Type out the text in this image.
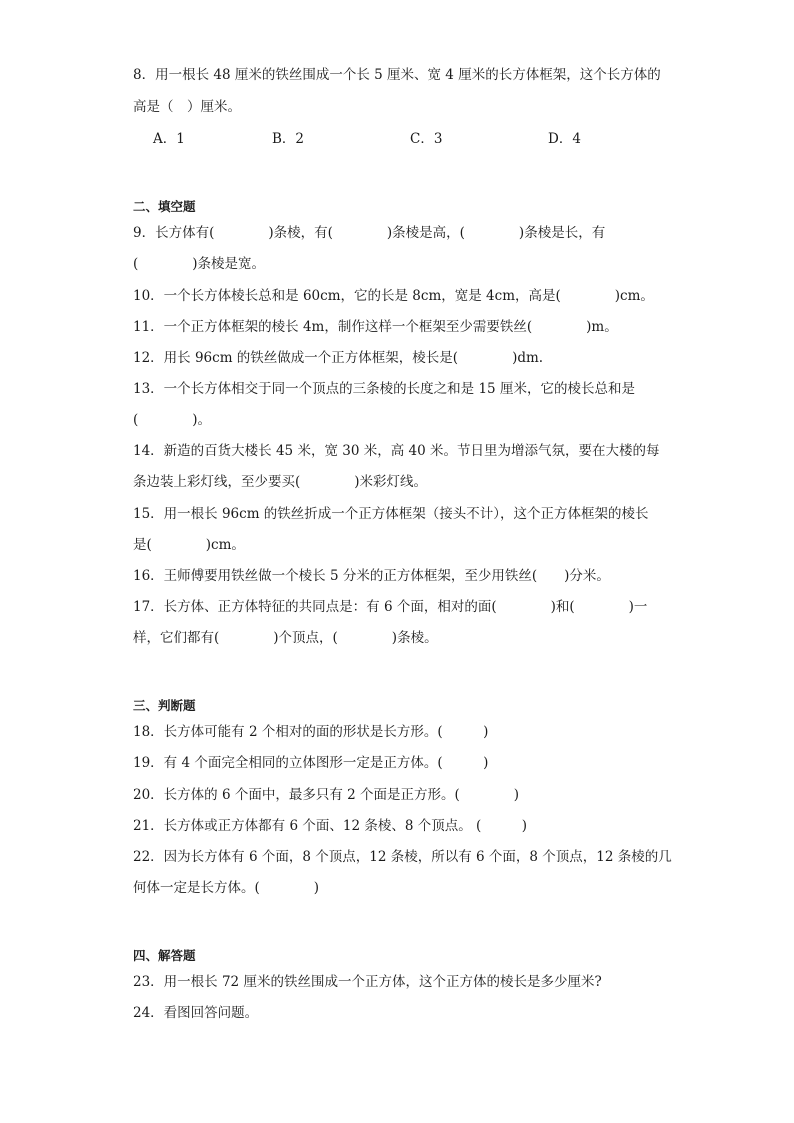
8．用一根长 48 厘米的铁丝围成一个长 5 厘米、宽 4 厘米的长方体框架，这个长方体的
高是（　）厘米。
A．1	B．2	C．3	D．4
二、填空题
9．长方体有(　　　　)条棱，有(　　　　)条棱是高，(　　　　)条棱是长，有
(　　　　)条棱是宽。
10．一个长方体棱长总和是 60cm，它的长是 8cm，宽是 4cm，高是(　　　　)cm。
11．一个正方体框架的棱长 4m，制作这样一个框架至少需要铁丝(　　　　)m。
12．用长 96cm 的铁丝做成一个正方体框架，棱长是(　　　　)dm.
13．一个长方体相交于同一个顶点的三条棱的长度之和是 15 厘米，它的棱长总和是
(　　　　)。
14．新造的百货大楼长 45 米，宽 30 米，高 40 米。节日里为增添气氛，要在大楼的每
条边装上彩灯线，至少要买(　　　　)米彩灯线。
15．用一根长 96cm 的铁丝折成一个正方体框架（接头不计），这个正方体框架的棱长
是(　　　　)cm。
16．王师傅要用铁丝做一个棱长 5 分米的正方体框架，至少用铁丝(　　)分米。
17．长方体、正方体特征的共同点是：有 6 个面，相对的面(　　　　)和(　　　　)一
样，它们都有(　　　　)个顶点，(　　　　)条棱。
三、判断题
18．长方体可能有 2 个相对的面的形状是长方形。(　　　)
19．有 4 个面完全相同的立体图形一定是正方体。(　　　)
20．长方体的 6 个面中，最多只有 2 个面是正方形。(　　　　)
21．长方体或正方体都有 6 个面、12 条棱、8 个顶点。 (　　　)
22．因为长方体有 6 个面，8 个顶点，12 条棱，所以有 6 个面，8 个顶点，12 条棱的几
何体一定是长方体。(　　　　)
四、解答题
23．用一根长 72 厘米的铁丝围成一个正方体，这个正方体的棱长是多少厘米?
24．看图回答问题。
